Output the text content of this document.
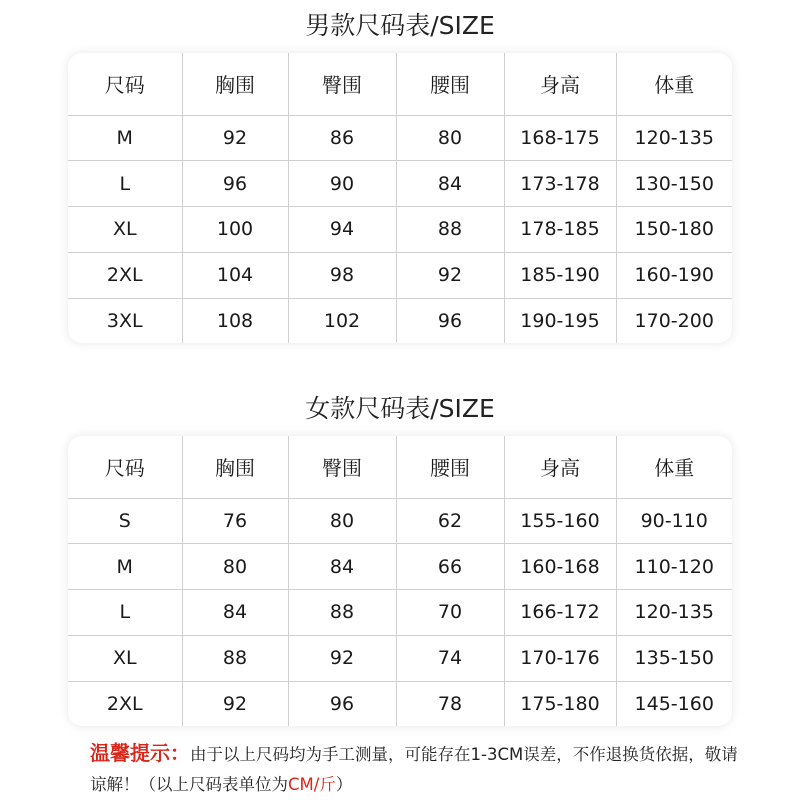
男款尺码表/SIZE
尺码	胸围	臀围	腰围	身高	体重
M	92	86	80	168-175	120-135
L	96	90	84	173-178	130-150
XL	100	94	88	178-185	150-180
2XL	104	98	92	185-190	160-190
3XL	108	102	96	190-195	170-200
女款尺码表/SIZE
尺码	胸围	臀围	腰围	身高	体重
S	76	80	62	155-160	90-110
M	80	84	66	160-168	110-120
L	84	88	70	166-172	120-135
XL	88	92	74	170-176	135-150
2XL	92	96	78	175-180	145-160
温馨提示：由于以上尺码均为手工测量，可能存在1-3CM误差，不作退换货依据，敬请谅解！（以上尺码表单位为CM/斤）
